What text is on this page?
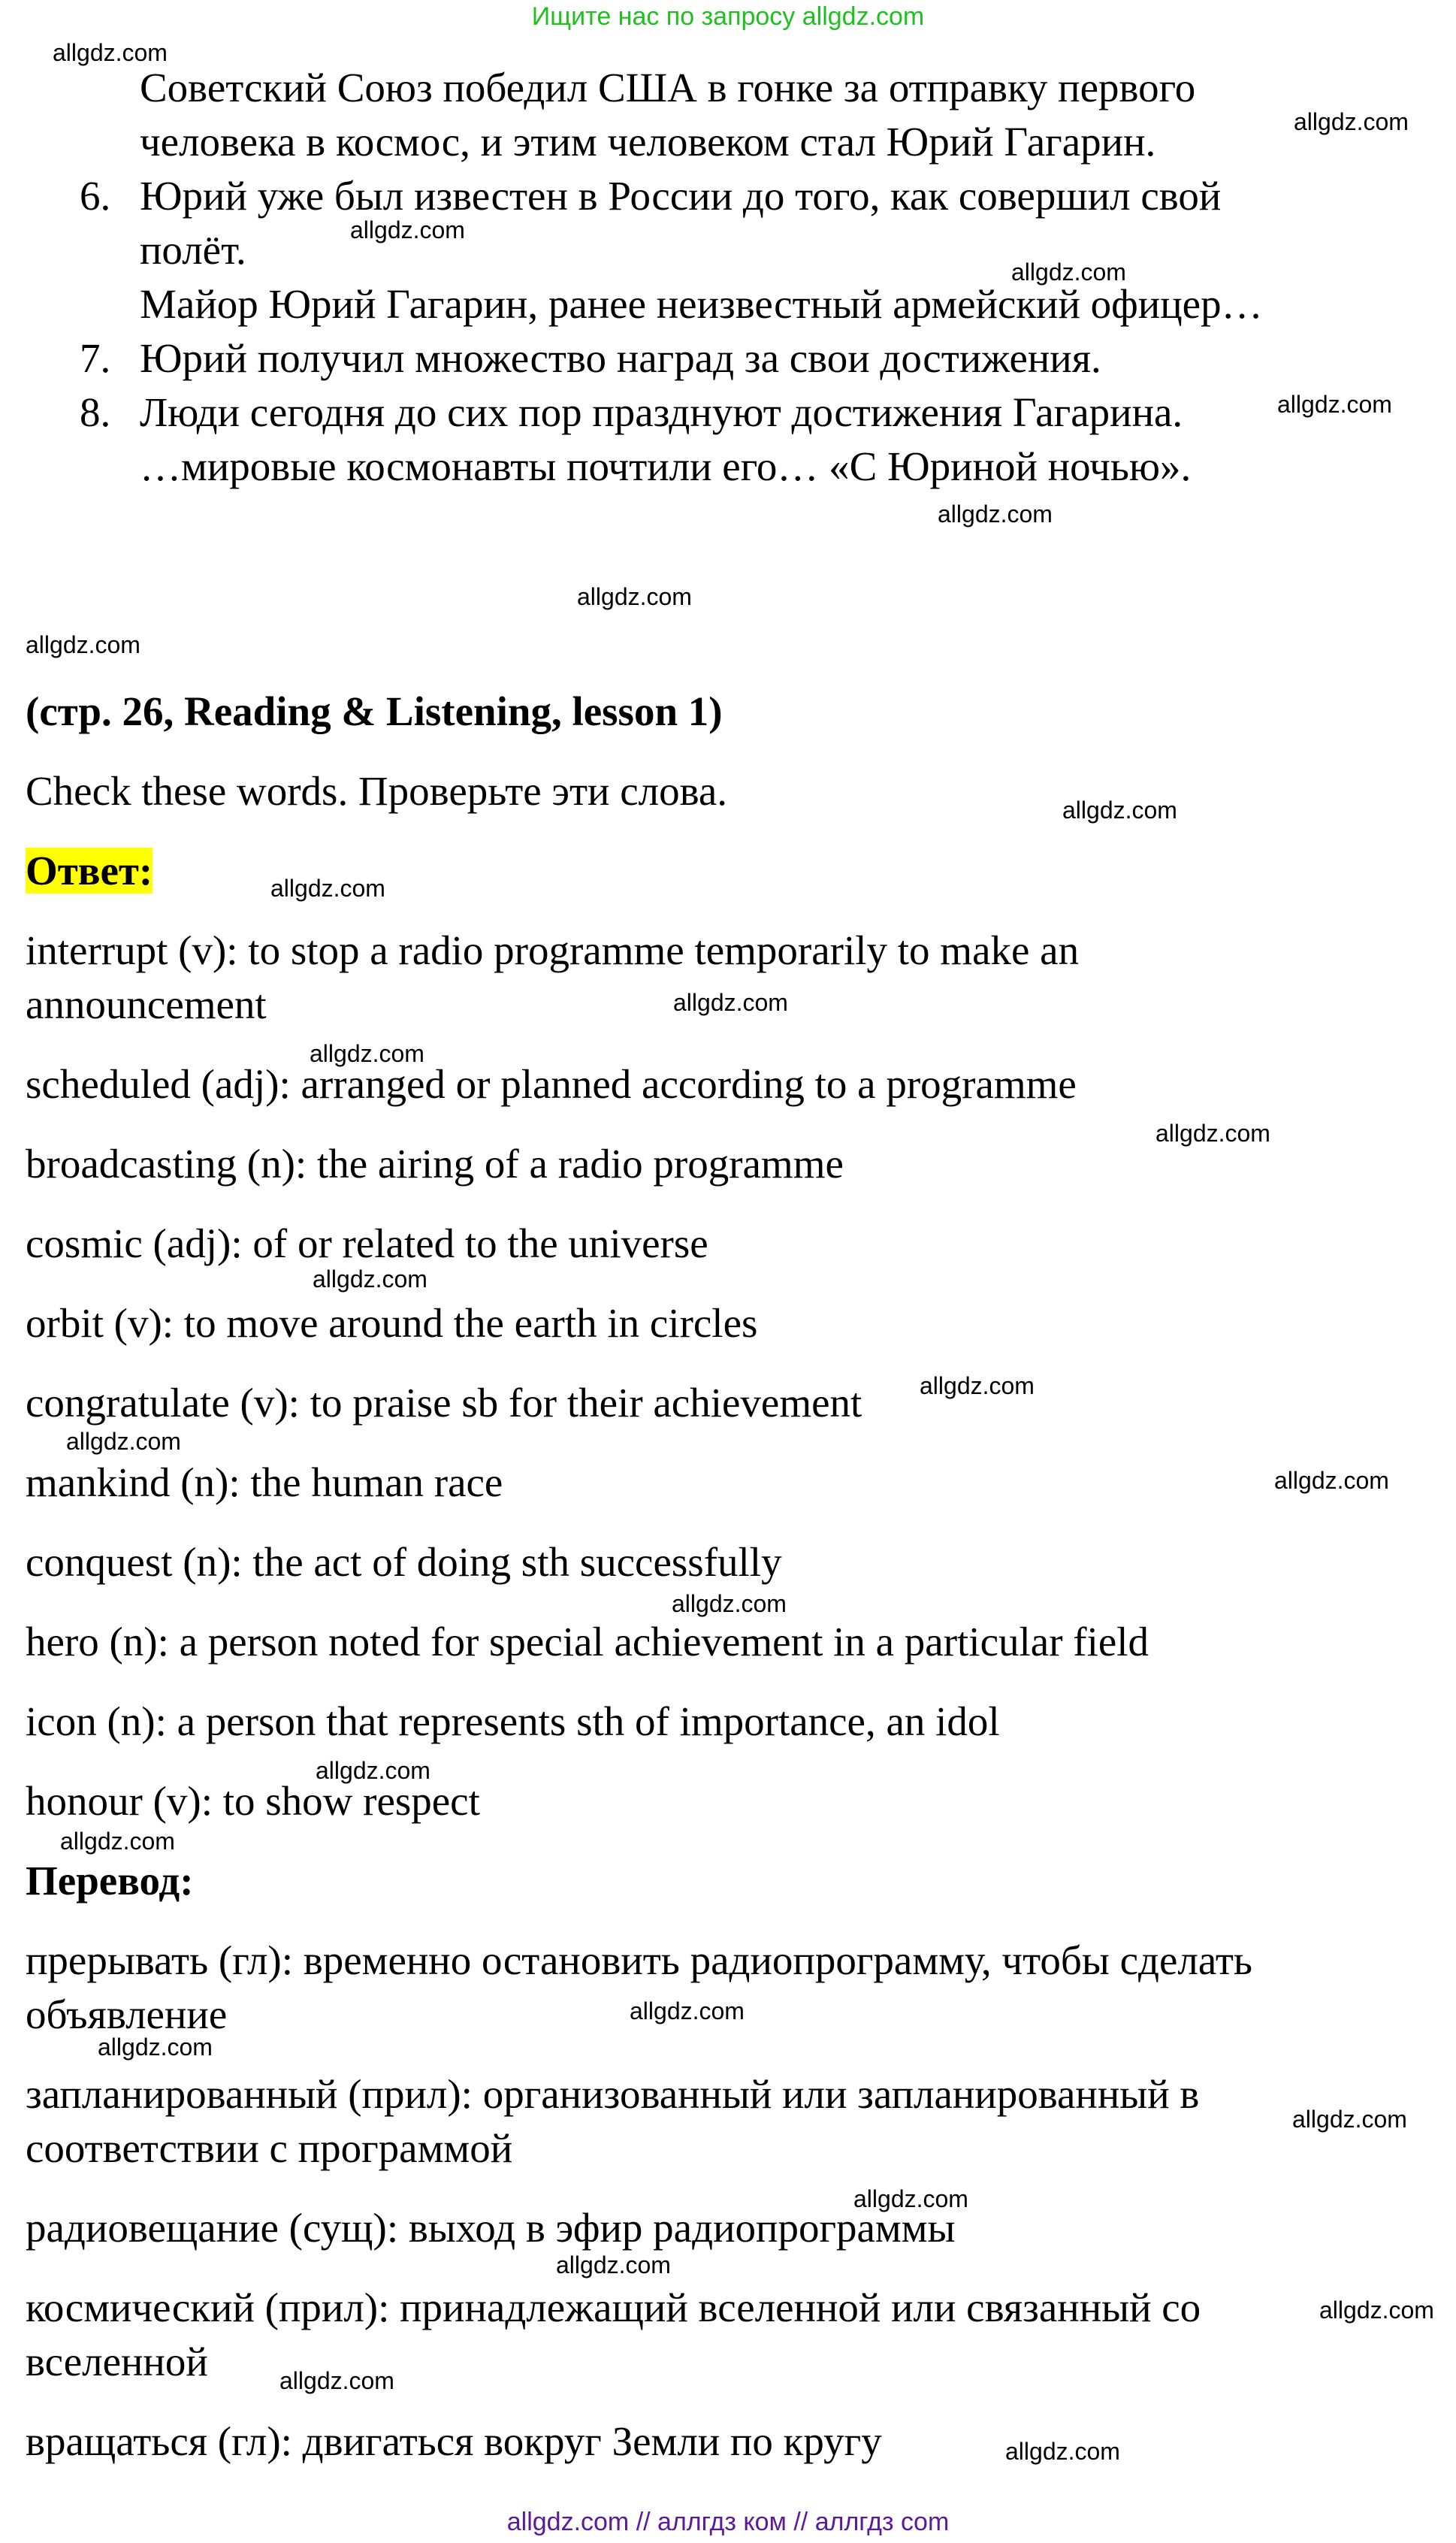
Ищите нас по запросу allgdz.com
Советский Союз победил США в гонке за отправку первого
человека в космос, и этим человеком стал Юрий Гагарин.
6. Юрий уже был известен в России до того, как совершил свой
полёт.
Майор Юрий Гагарин, ранее неизвестный армейский офицер…
7. Юрий получил множество наград за свои достижения.
8. Люди сегодня до сих пор празднуют достижения Гагарина.
…мировые космонавты почтили его… «С Юриной ночью».
(стр. 26, Reading & Listening, lesson 1)
Check these words. Проверьте эти слова.
Ответ:
interrupt (v): to stop a radio programme temporarily to make an
announcement
scheduled (adj): arranged or planned according to a programme
broadcasting (n): the airing of a radio programme
cosmic (adj): of or related to the universe
orbit (v): to move around the earth in circles
congratulate (v): to praise sb for their achievement
mankind (n): the human race
conquest (n): the act of doing sth successfully
hero (n): a person noted for special achievement in a particular field
icon (n): a person that represents sth of importance, an idol
honour (v): to show respect
Перевод:
прерывать (гл): временно остановить радиопрограмму, чтобы сделать
объявление
запланированный (прил): организованный или запланированный в
соответствии с программой
радиовещание (сущ): выход в эфир радиопрограммы
космический (прил): принадлежащий вселенной или связанный со
вселенной
вращаться (гл): двигаться вокруг Земли по кругу
allgdz.com
allgdz.com
allgdz.com
allgdz.com
allgdz.com
allgdz.com
allgdz.com
allgdz.com
allgdz.com
allgdz.com
allgdz.com
allgdz.com
allgdz.com
allgdz.com
allgdz.com
allgdz.com
allgdz.com
allgdz.com
allgdz.com
allgdz.com
allgdz.com
allgdz.com
allgdz.com
allgdz.com
allgdz.com
allgdz.com
allgdz.com
allgdz.com
allgdz.com // аллгдз ком // аллгдз com
